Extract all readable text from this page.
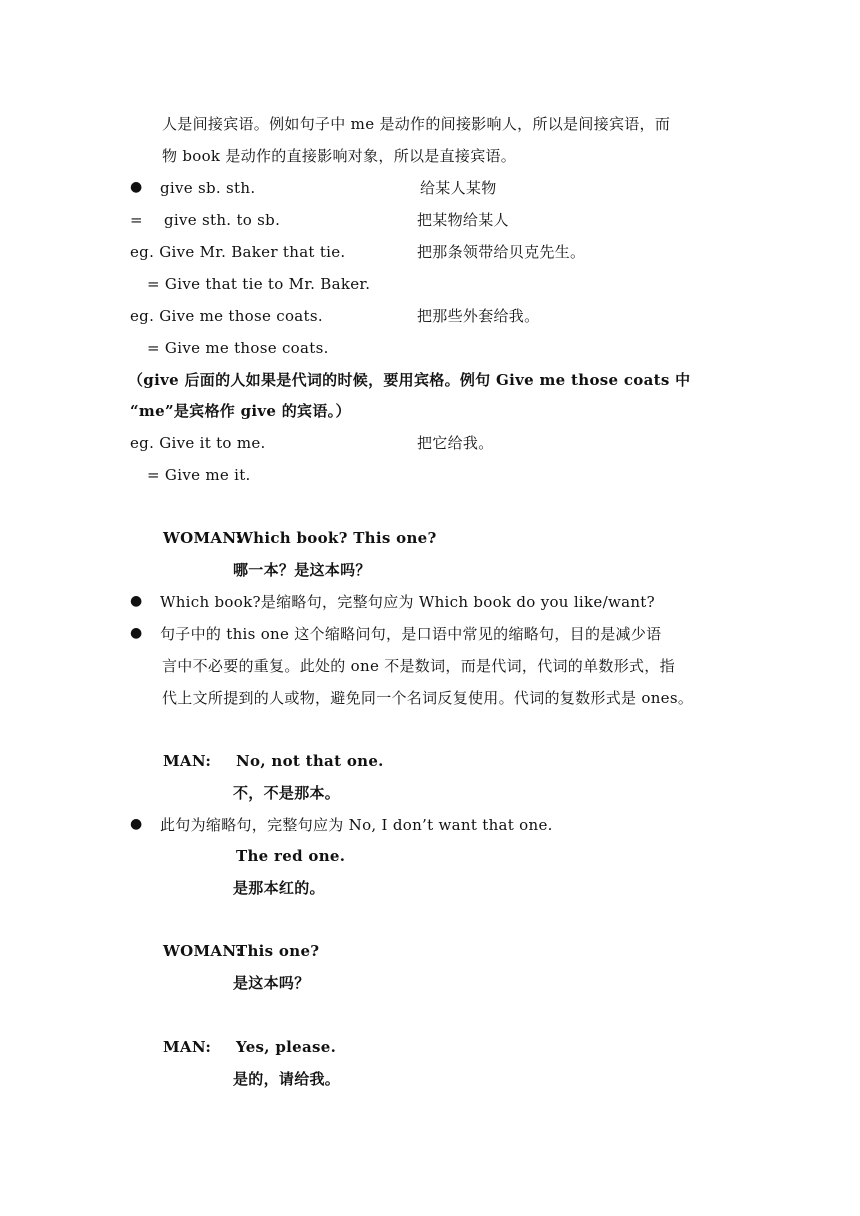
人是间接宾语。例如句子中 me 是动作的间接影响人，所以是间接宾语，而
物 book 是动作的直接影响对象，所以是直接宾语。
● give sb. sth.	给某人某物
= give sth. to sb.	把某物给某人
eg. Give Mr. Baker that tie.	把那条领带给贝克先生。
= Give that tie to Mr. Baker.
eg. Give me those coats.	把那些外套给我。
= Give me those coats.
（give 后面的人如果是代词的时候，要用宾格。例句 Give me those coats 中
“me”是宾格作 give 的宾语。）
eg. Give it to me.	把它给我。
= Give me it.
WOMAN:
Which book? This one?
哪一本？是这本吗？
● Which book?是缩略句，完整句应为 Which book do you like/want?
● 句子中的 this one 这个缩略问句，是口语中常见的缩略句，目的是减少语
言中不必要的重复。此处的 one 不是数词，而是代词，代词的单数形式，指
代上文所提到的人或物，避免同一个名词反复使用。代词的复数形式是 ones。
MAN: No, not that one.
不，不是那本。
● 此句为缩略句，完整句应为 No, I don’t want that one.
The red one.
是那本红的。
WOMAN:
This one?
是这本吗？
MAN: Yes, please.
是的，请给我。
